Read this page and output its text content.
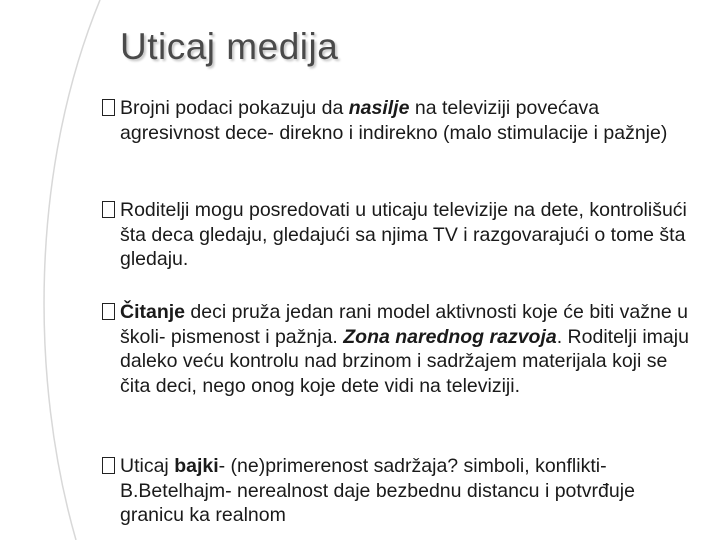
Uticaj medija
Brojni podaci pokazuju da nasilje na televiziji povećava agresivnost dece- direkno i indirekno (malo stimulacije i pažnje)
Roditelji mogu posredovati u uticaju televizije na dete, kontrolišući šta deca gledaju, gledajući sa njima TV i razgovarajući o tome šta gledaju.
Čitanje deci pruža jedan rani model aktivnosti koje će biti važne u školi- pismenost i pažnja. Zona narednog razvoja. Roditelji imaju daleko veću kontrolu nad brzinom i sadržajem materijala koji se čita deci, nego onog koje dete vidi na televiziji.
Uticaj bajki- (ne)primerenost sadržaja? simboli, konflikti- B.Betelhajm- nerealnost daje bezbednu distancu i potvrđuje granicu ka realnom
